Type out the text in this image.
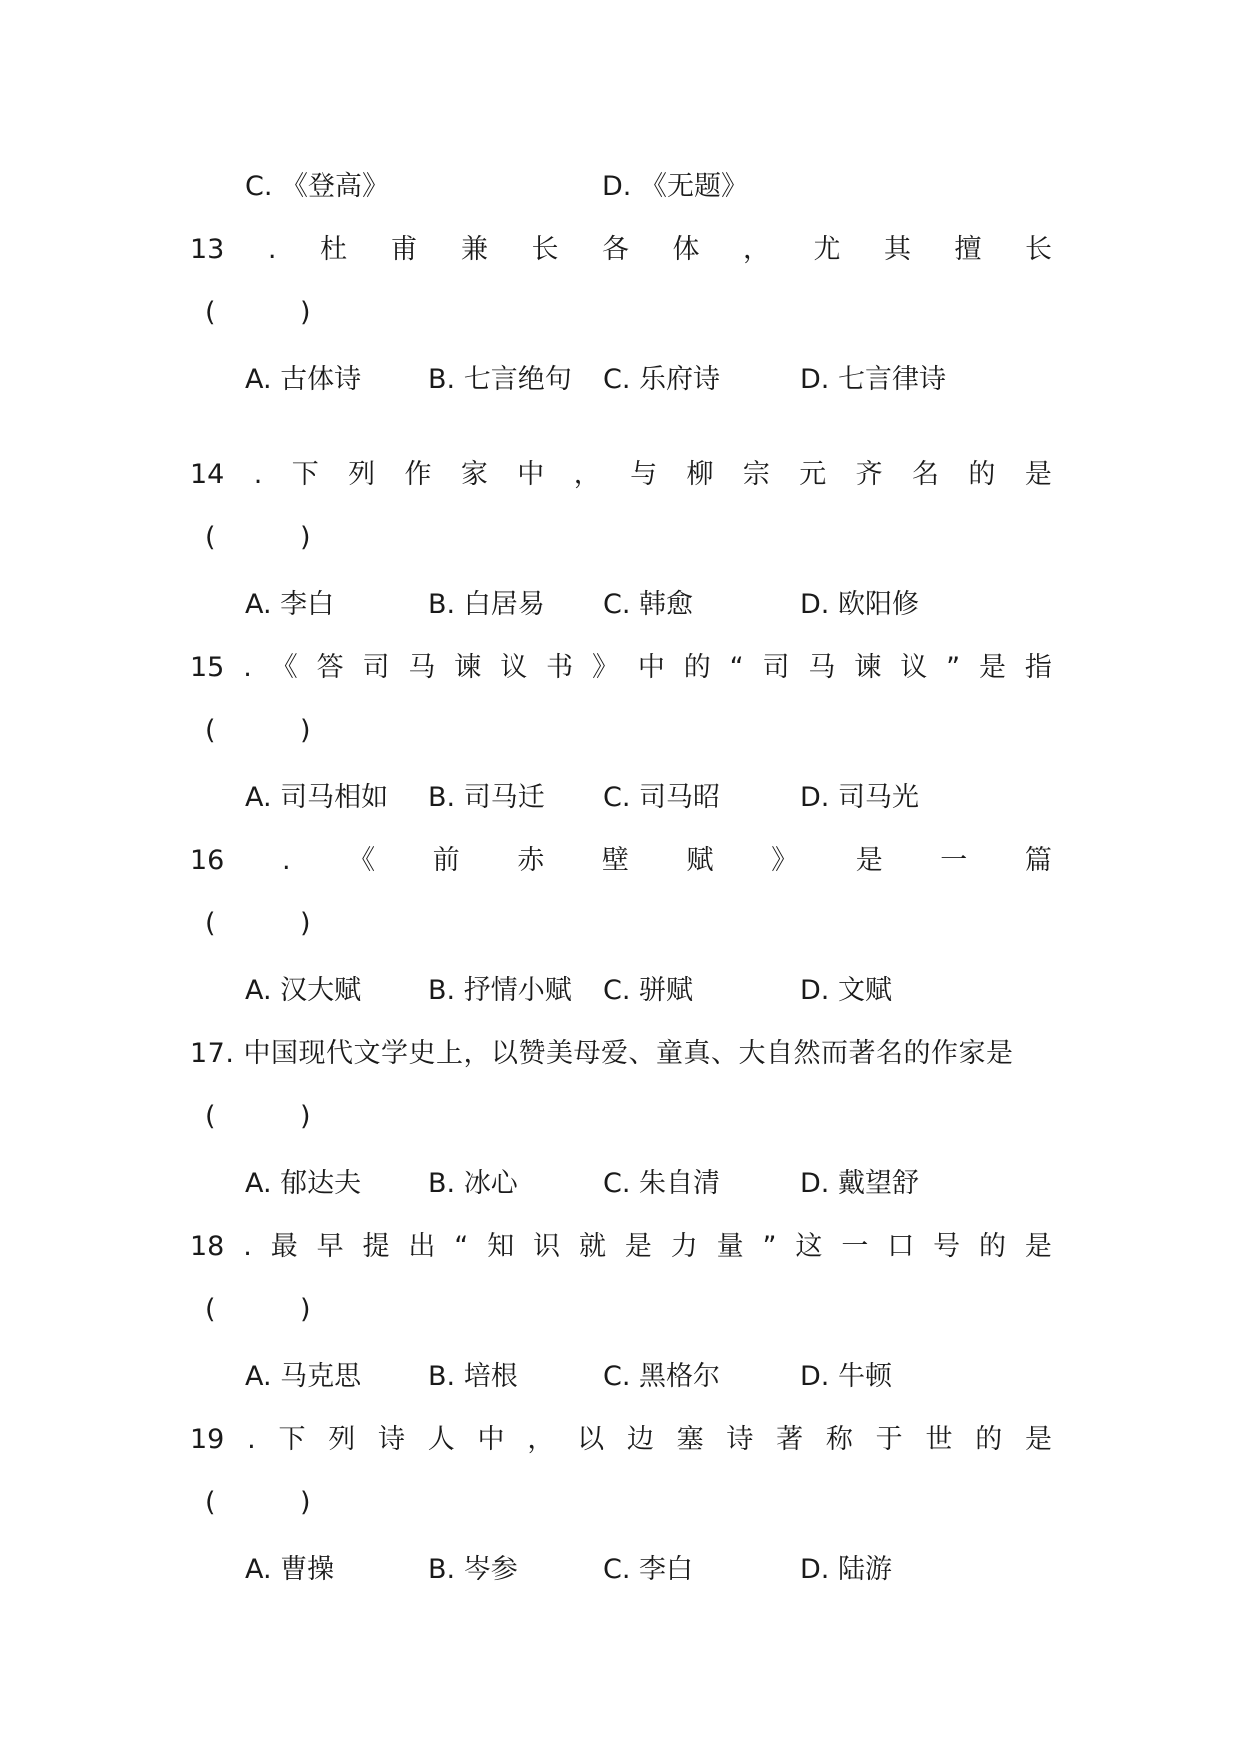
C. 《登高》	D. 《无题》
13 . 杜 甫 兼 长 各 体 ， 尤 其 擅 长
(	)
A. 古体诗 B. 七言绝句 C. 乐府诗	D. 七言律诗
14 . 下 列 作 家 中 ， 与 柳 宗 元 齐 名 的 是
(	)
A. 李白	B. 白居易 C. 韩愈	D. 欧阳修
15 . 《 答 司 马 谏 议 书 》 中 的 “ 司 马 谏 议 ” 是 指
(	)
A. 司马相如 B. 司马迁 C. 司马昭	D. 司马光
16 . 《 前 赤 壁 赋 》 是 一 篇
(	)
A. 汉大赋 B. 抒情小赋 C. 骈赋	D. 文赋
17. 中国现代文学史上，以赞美母爱、童真、大自然而著名的作家是
(	)
A. 郁达夫 B. 冰心	C. 朱自清	D. 戴望舒
18 . 最 早 提 出 “ 知 识 就 是 力 量 ” 这 一 口 号 的 是
(	)
A. 马克思 B. 培根	C. 黑格尔	D. 牛顿
19 . 下 列 诗 人 中 ， 以 边 塞 诗 著 称 于 世 的 是
(	)
A. 曹操	B. 岑参	C. 李白	D. 陆游
